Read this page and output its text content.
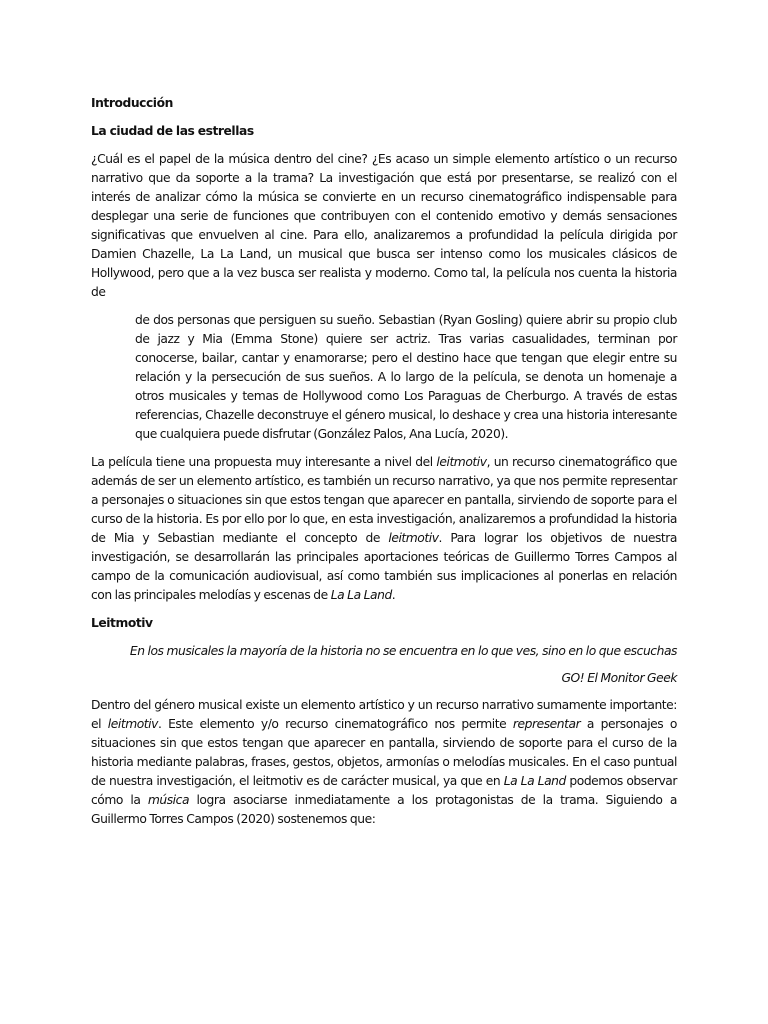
Introducción
La ciudad de las estrellas

¿Cuál es el papel de la música dentro del cine? ¿Es acaso un simple elemento artístico o un recurso narrativo que da soporte a la trama? La investigación que está por presentarse, se realizó con el interés de analizar cómo la música se convierte en un recurso cinematográfico indispensable para desplegar una serie de funciones que contribuyen con el contenido emotivo y demás sensaciones significativas que envuelven al cine. Para ello, analizaremos a profundidad la película dirigida por Damien Chazelle, La La Land, un musical que busca ser intenso como los musicales clásicos de Hollywood, pero que a la vez busca ser realista y moderno. Como tal, la película nos cuenta la historia de

de dos personas que persiguen su sueño. Sebastian (Ryan Gosling) quiere abrir su propio club de jazz y Mia (Emma Stone) quiere ser actriz. Tras varias casualidades, terminan por conocerse, bailar, cantar y enamorarse; pero el destino hace que tengan que elegir entre su relación y la persecución de sus sueños. A lo largo de la película, se denota un homenaje a otros musicales y temas de Hollywood como Los Paraguas de Cherburgo. A través de estas referencias, Chazelle deconstruye el género musical, lo deshace y crea una historia interesante que cualquiera puede disfrutar (González Palos, Ana Lucía, 2020).

La película tiene una propuesta muy interesante a nivel del leitmotiv, un recurso cinematográfico que además de ser un elemento artístico, es también un recurso narrativo, ya que nos permite representar a personajes o situaciones sin que estos tengan que aparecer en pantalla, sirviendo de soporte para el curso de la historia. Es por ello por lo que, en esta investigación, analizaremos a profundidad la historia de Mia y Sebastian mediante el concepto de leitmotiv. Para lograr los objetivos de nuestra investigación, se desarrollarán las principales aportaciones teóricas de Guillermo Torres Campos al campo de la comunicación audiovisual, así como también sus implicaciones al ponerlas en relación con las principales melodías y escenas de La La Land.

Leitmotiv

En los musicales la mayoría de la historia no se encuentra en lo que ves, sino en lo que escuchas

GO! El Monitor Geek

Dentro del género musical existe un elemento artístico y un recurso narrativo sumamente importante: el leitmotiv. Este elemento y/o recurso cinematográfico nos permite representar a personajes o situaciones sin que estos tengan que aparecer en pantalla, sirviendo de soporte para el curso de la historia mediante palabras, frases, gestos, objetos, armonías o melodías musicales. En el caso puntual de nuestra investigación, el leitmotiv es de carácter musical, ya que en La La Land podemos observar cómo la música logra asociarse inmediatamente a los protagonistas de la trama. Siguiendo a Guillermo Torres Campos (2020) sostenemos que:
